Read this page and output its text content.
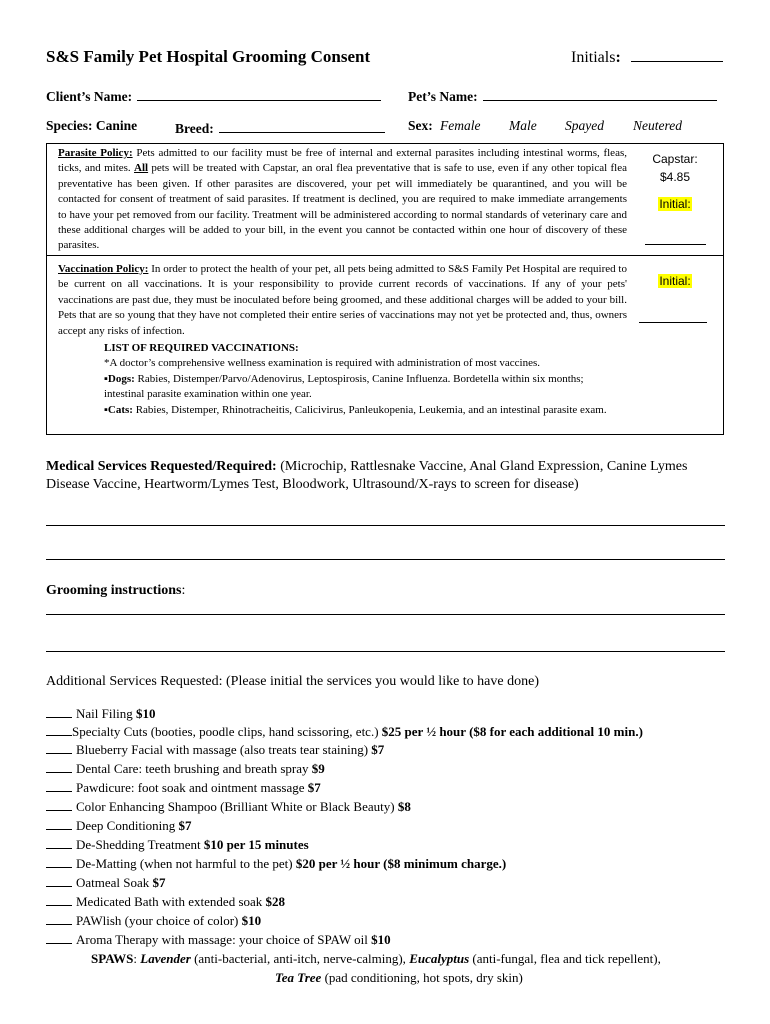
S&S Family Pet Hospital Grooming Consent	Initials:
Client’s Name:	Pet’s Name:
Species: Canine	Breed:	Sex: Female Male Spayed Neutered
Parasite Policy: Pets admitted to our facility must be free of internal and external parasites including intestinal worms, fleas, ticks, and mites. All pets will be treated with Capstar, an oral flea preventative that is safe to use, even if any other topical flea preventative has been given. If other parasites are discovered, your pet will immediately be quarantined, and you will be contacted for consent of treatment of said parasites. If treatment is declined, you are required to make immediate arrangements to have your pet removed from our facility. Treatment will be administered according to normal standards of veterinary care and these additional charges will be added to your bill, in the event you cannot be contacted within one hour of discovery of these parasites.
Capstar:
$4.85
Initial:
Vaccination Policy: In order to protect the health of your pet, all pets being admitted to S&S Family Pet Hospital are required to be current on all vaccinations. It is your responsibility to provide current records of vaccinations. If any of your pets' vaccinations are past due, they must be inoculated before being groomed, and these additional charges will be added to your bill. Pets that are so young that they have not completed their entire series of vaccinations may not yet be protected and, thus, owners accept any risks of infection.
Initial:
LIST OF REQUIRED VACCINATIONS:
*A doctor’s comprehensive wellness examination is required with administration of most vaccines.
▪Dogs: Rabies, Distemper/Parvo/Adenovirus, Leptospirosis, Canine Influenza. Bordetella within six months;
intestinal parasite examination within one year.
▪Cats: Rabies, Distemper, Rhinotracheitis, Calicivirus, Panleukopenia, Leukemia, and an intestinal parasite exam.
Medical Services Requested/Required: (Microchip, Rattlesnake Vaccine, Anal Gland Expression, Canine Lymes Disease Vaccine, Heartworm/Lymes Test, Bloodwork, Ultrasound/X-rays to screen for disease)
Grooming instructions:
Additional Services Requested: (Please initial the services you would like to have done)
Nail Filing $10
Specialty Cuts (booties, poodle clips, hand scissoring, etc.) $25 per ½ hour ($8 for each additional 10 min.)
Blueberry Facial with massage (also treats tear staining) $7
Dental Care: teeth brushing and breath spray $9
Pawdicure: foot soak and ointment massage $7
Color Enhancing Shampoo (Brilliant White or Black Beauty) $8
Deep Conditioning $7
De-Shedding Treatment $10 per 15 minutes
De-Matting (when not harmful to the pet) $20 per ½ hour ($8 minimum charge.)
Oatmeal Soak $7
Medicated Bath with extended soak $28
PAWlish (your choice of color) $10
Aroma Therapy with massage: your choice of SPAW oil $10
SPAWS: Lavender (anti-bacterial, anti-itch, nerve-calming), Eucalyptus (anti-fungal, flea and tick repellent),
Tea Tree (pad conditioning, hot spots, dry skin)
